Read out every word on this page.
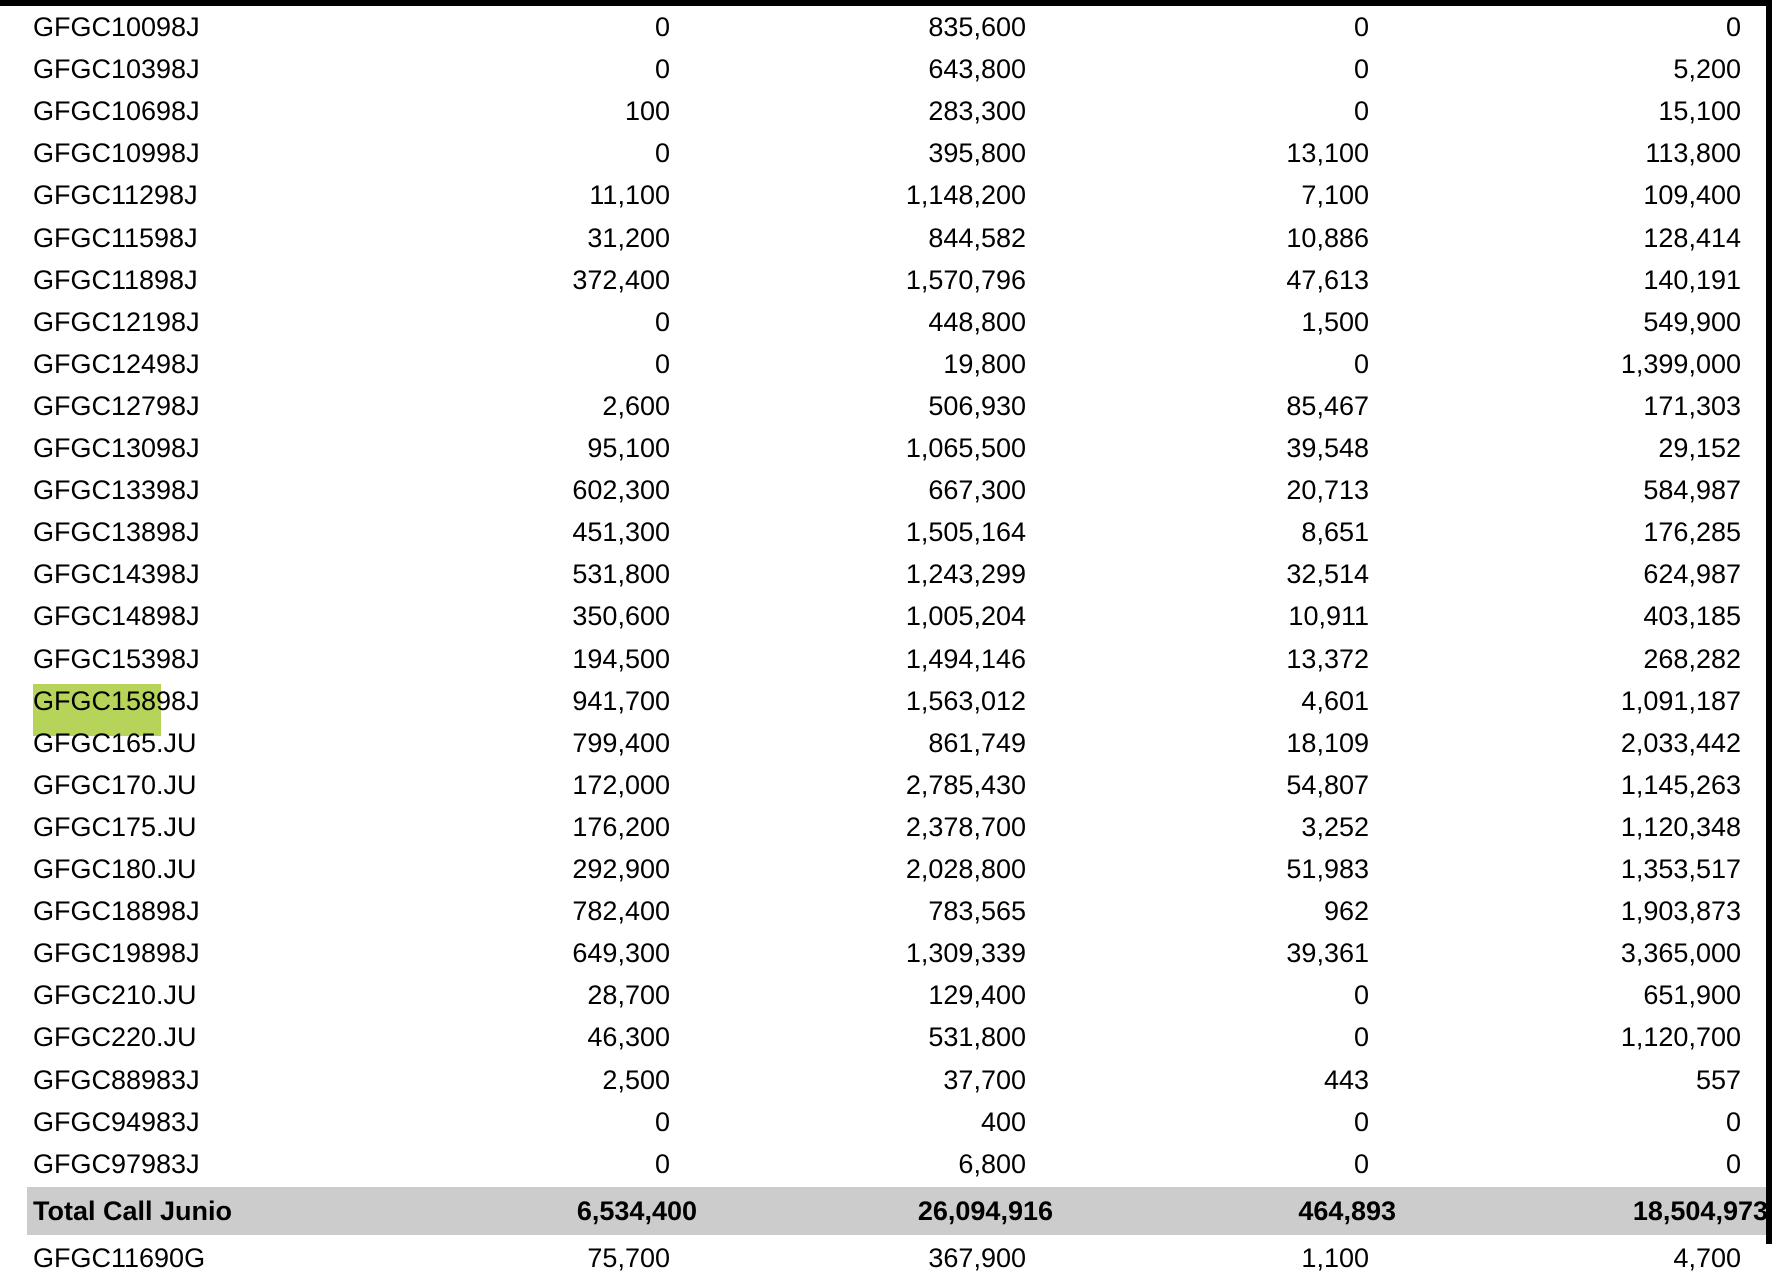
GFGC10098J	0	835,600	0	0
GFGC10398J	0	643,800	0	5,200
GFGC10698J	100	283,300	0	15,100
GFGC10998J	0	395,800	13,100	113,800
GFGC11298J	11,100	1,148,200	7,100	109,400
GFGC11598J	31,200	844,582	10,886	128,414
GFGC11898J	372,400	1,570,796	47,613	140,191
GFGC12198J	0	448,800	1,500	549,900
GFGC12498J	0	19,800	0	1,399,000
GFGC12798J	2,600	506,930	85,467	171,303
GFGC13098J	95,100	1,065,500	39,548	29,152
GFGC13398J	602,300	667,300	20,713	584,987
GFGC13898J	451,300	1,505,164	8,651	176,285
GFGC14398J	531,800	1,243,299	32,514	624,987
GFGC14898J	350,600	1,005,204	10,911	403,185
GFGC15398J	194,500	1,494,146	13,372	268,282
GFGC15898J	941,700	1,563,012	4,601	1,091,187
GFGC165.JU	799,400	861,749	18,109	2,033,442
GFGC170.JU	172,000	2,785,430	54,807	1,145,263
GFGC175.JU	176,200	2,378,700	3,252	1,120,348
GFGC180.JU	292,900	2,028,800	51,983	1,353,517
GFGC18898J	782,400	783,565	962	1,903,873
GFGC19898J	649,300	1,309,339	39,361	3,365,000
GFGC210.JU	28,700	129,400	0	651,900
GFGC220.JU	46,300	531,800	0	1,120,700
GFGC88983J	2,500	37,700	443	557
GFGC94983J	0	400	0	0
GFGC97983J	0	6,800	0	0
Total Call Junio	6,534,400	26,094,916	464,893	18,504,973
GFGC11690G	75,700	367,900	1,100	4,700
